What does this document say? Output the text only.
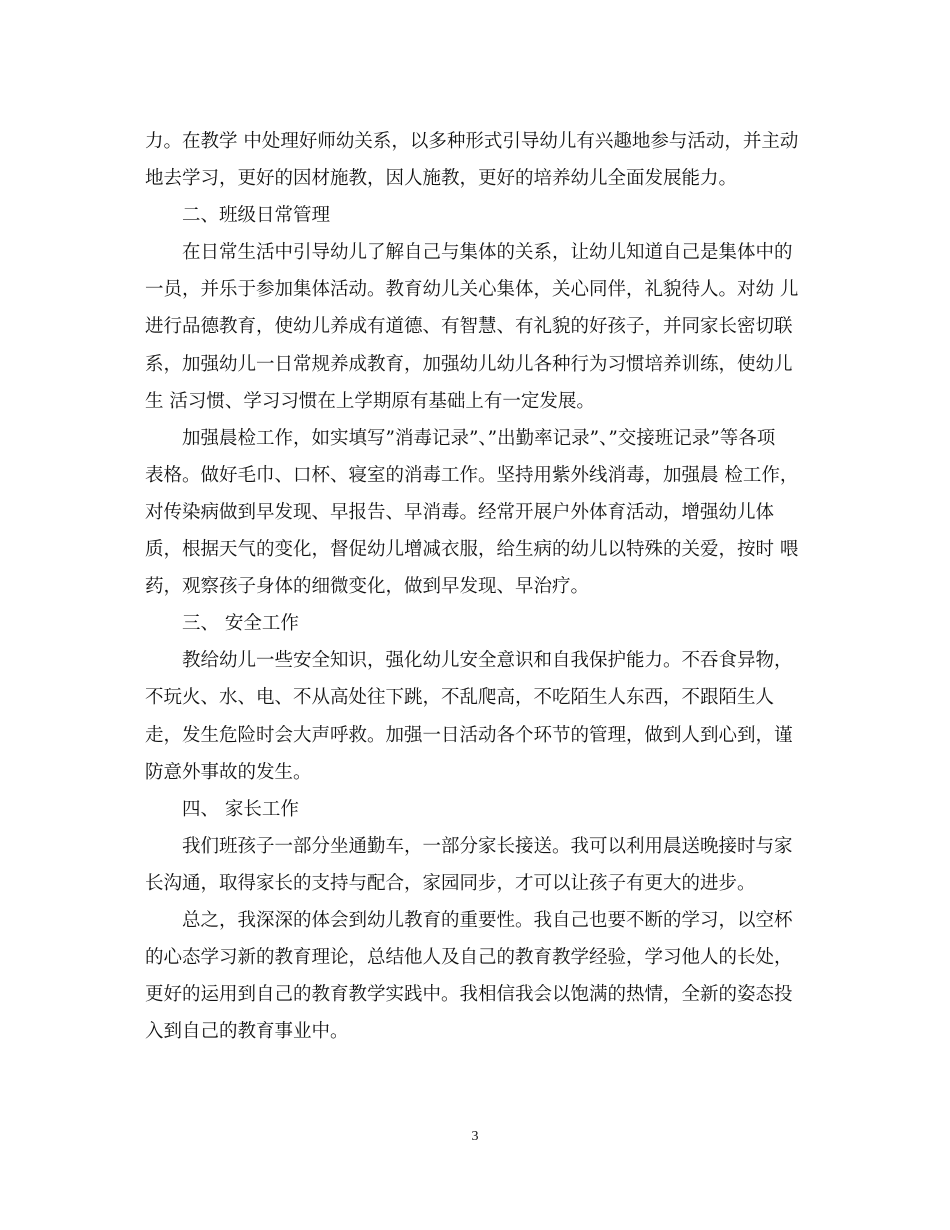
力。在教学 中处理好师幼关系，以多种形式引导幼儿有兴趣地参与活动，并主动
地去学习，更好的因材施教，因人施教，更好的培养幼儿全面发展能力。
二、班级日常管理
在日常生活中引导幼儿了解自己与集体的关系，让幼儿知道自己是集体中的
一员，并乐于参加集体活动。教育幼儿关心集体，关心同伴，礼貌待人。对幼 儿
进行品德教育，使幼儿养成有道德、有智慧、有礼貌的好孩子，并同家长密切联
系，加强幼儿一日常规养成教育，加强幼儿幼儿各种行为习惯培养训练，使幼儿
生 活习惯、学习习惯在上学期原有基础上有一定发展。
加强晨检工作，如实填写”消毒记录”、”出勤率记录”、”交接班记录”等各项
表格。做好毛巾、口杯、寝室的消毒工作。坚持用紫外线消毒，加强晨 检工作，
对传染病做到早发现、早报告、早消毒。经常开展户外体育活动，增强幼儿体
质，根据天气的变化，督促幼儿增减衣服，给生病的幼儿以特殊的关爱，按时 喂
药，观察孩子身体的细微变化，做到早发现、早治疗。
三、 安全工作
教给幼儿一些安全知识，强化幼儿安全意识和自我保护能力。不吞食异物，
不玩火、水、电、不从高处往下跳，不乱爬高，不吃陌生人东西，不跟陌生人
走，发生危险时会大声呼救。加强一日活动各个环节的管理，做到人到心到，谨
防意外事故的发生。
四、 家长工作
我们班孩子一部分坐通勤车，一部分家长接送。我可以利用晨送晚接时与家
长沟通，取得家长的支持与配合，家园同步，才可以让孩子有更大的进步。
总之，我深深的体会到幼儿教育的重要性。我自己也要不断的学习，以空杯
的心态学习新的教育理论，总结他人及自己的教育教学经验，学习他人的长处，
更好的运用到自己的教育教学实践中。我相信我会以饱满的热情，全新的姿态投
入到自己的教育事业中。
3
